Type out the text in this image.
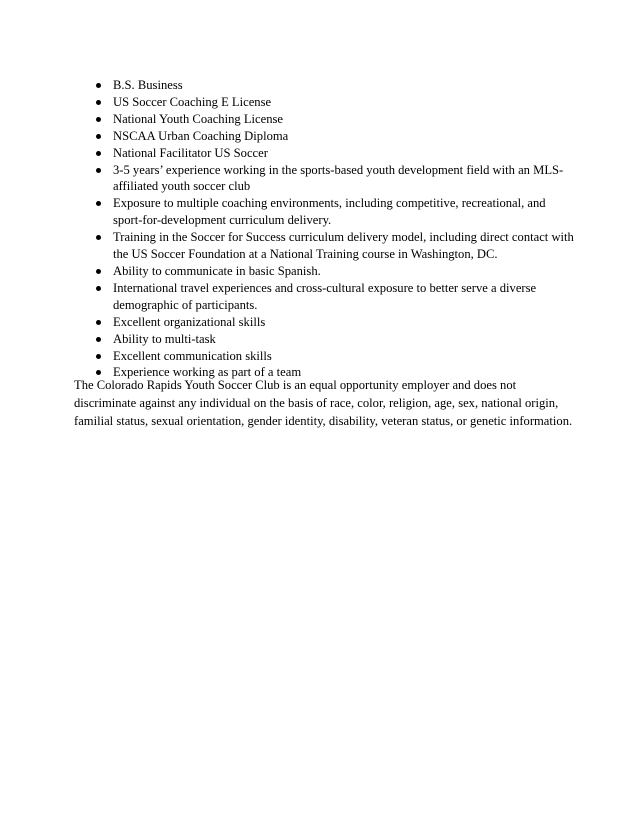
B.S. Business
US Soccer Coaching E License
National Youth Coaching License
NSCAA Urban Coaching Diploma
National Facilitator US Soccer
3-5 years’ experience working in the sports-based youth development field with an MLS-affiliated youth soccer club
Exposure to multiple coaching environments, including competitive, recreational, and sport-for-development curriculum delivery.
Training in the Soccer for Success curriculum delivery model, including direct contact with the US Soccer Foundation at a National Training course in Washington, DC.
Ability to communicate in basic Spanish.
International travel experiences and cross-cultural exposure to better serve a diverse demographic of participants.
Excellent organizational skills
Ability to multi-task
Excellent communication skills
Experience working as part of a team

The Colorado Rapids Youth Soccer Club is an equal opportunity employer and does not discriminate against any individual on the basis of race, color, religion, age, sex, national origin, familial status, sexual orientation, gender identity, disability, veteran status, or genetic information.
